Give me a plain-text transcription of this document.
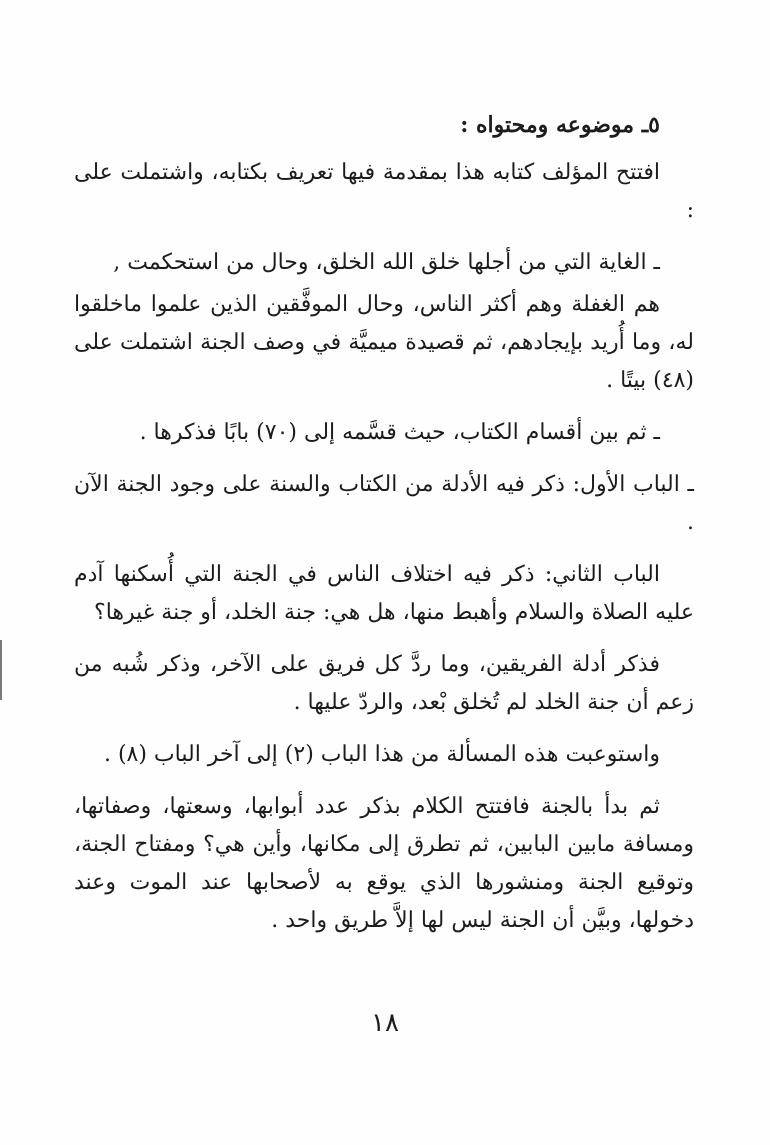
٥ـ موضوعه ومحتواه :

افتتح المؤلف كتابه هذا بمقدمة فيها تعريف بكتابه، واشتملت على :

ـ الغاية التي من أجلها خلق الله الخلق، وحال من استحكمت ,

هم الغفلة وهم أكثر الناس، وحال الموفَّقين الذين علموا ماخلقوا له، وما أُريد بإيجادهم، ثم قصيدة ميميَّة في وصف الجنة اشتملت على (٤٨) بيتًا .

ـ ثم بين أقسام الكتاب، حيث قسَّمه إلى (٧٠) بابًا فذكرها .

ـ الباب الأول: ذكر فيه الأدلة من الكتاب والسنة على وجود الجنة الآن .

الباب الثاني: ذكر فيه اختلاف الناس في الجنة التي أُسكنها آدم عليه الصلاة والسلام وأهبط منها، هل هي: جنة الخلد، أو جنة غيرها؟

فذكر أدلة الفريقين، وما ردَّ كل فريق على الآخر، وذكر شُبه من زعم أن جنة الخلد لم تُخلق بْعد، والردّ عليها .

واستوعبت هذه المسألة من هذا الباب (٢) إلى آخر الباب (٨) .

ثم بدأ بالجنة فافتتح الكلام بذكر عدد أبوابها، وسعتها، وصفاتها، ومسافة مابين البابين، ثم تطرق إلى مكانها، وأين هي؟ ومفتاح الجنة، وتوقيع الجنة ومنشورها الذي يوقع به لأصحابها عند الموت وعند دخولها، وبيَّن أن الجنة ليس لها إلاَّ طريق واحد .

١٨
